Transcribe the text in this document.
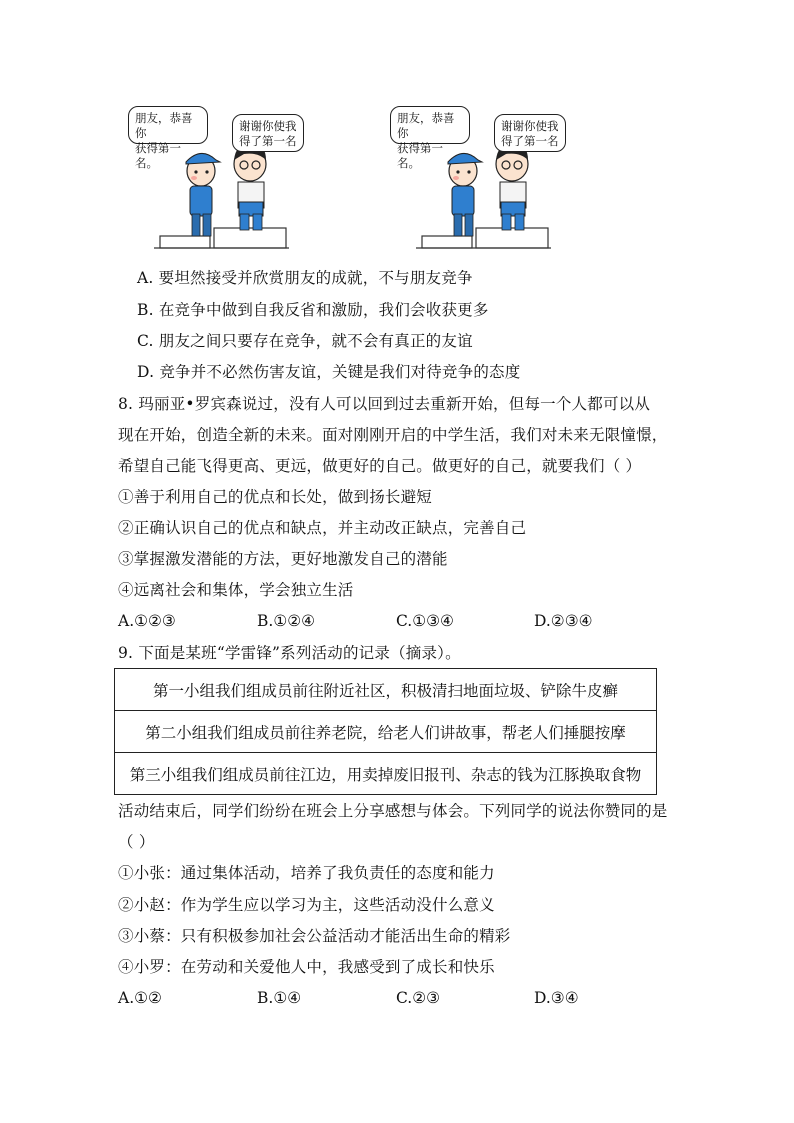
朋友，恭喜你
获得第一名。
谢谢你使我
得了第一名
朋友，恭喜你
获得第一名。
谢谢你使我
得了第一名
A. 要坦然接受并欣赏朋友的成就，不与朋友竞争
B. 在竞争中做到自我反省和激励，我们会收获更多
C. 朋友之间只要存在竞争，就不会有真正的友谊
D. 竞争并不必然伤害友谊，关键是我们对待竞争的态度
8. 玛丽亚•罗宾森说过，没有人可以回到过去重新开始，但每一个人都可以从
现在开始，创造全新的未来。面对刚刚开启的中学生活，我们对未来无限憧憬，
希望自己能飞得更高、更远，做更好的自己。做更好的自己，就要我们（ ）
①善于利用自己的优点和长处，做到扬长避短
②正确认识自己的优点和缺点，并主动改正缺点，完善自己
③掌握激发潜能的方法，更好地激发自己的潜能
④远离社会和集体，学会独立生活
A.①②③	B.①②④	C.①③④	D.②③④
9. 下面是某班“学雷锋”系列活动的记录（摘录）。
第一小组我们组成员前往附近社区，积极清扫地面垃圾、铲除牛皮癣
第二小组我们组成员前往养老院，给老人们讲故事，帮老人们捶腿按摩
第三小组我们组成员前往江边，用卖掉废旧报刊、杂志的钱为江豚换取食物
活动结束后，同学们纷纷在班会上分享感想与体会。下列同学的说法你赞同的是
（ ）
①小张：通过集体活动，培养了我负责任的态度和能力
②小赵：作为学生应以学习为主，这些活动没什么意义
③小蔡：只有积极参加社会公益活动才能活出生命的精彩
④小罗：在劳动和关爱他人中，我感受到了成长和快乐
A.①②	B.①④	C.②③	D.③④
